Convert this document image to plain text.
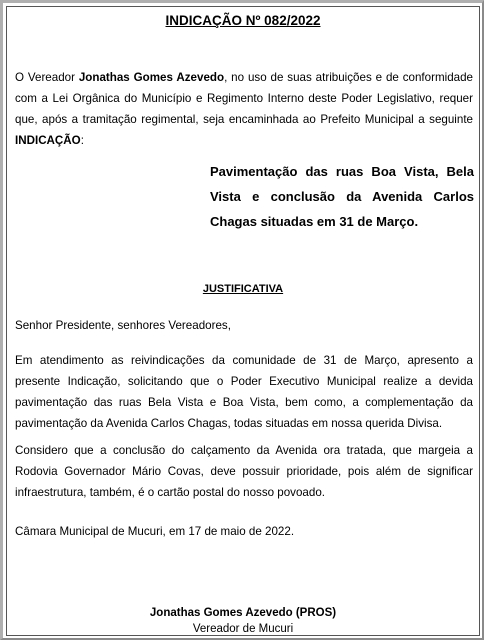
INDICAÇÃO Nº 082/2022

O Vereador Jonathas Gomes Azevedo, no uso de suas atribuições e de conformidade com a Lei Orgânica do Município e Regimento Interno deste Poder Legislativo, requer que, após a tramitação regimental, seja encaminhada ao Prefeito Municipal a seguinte INDICAÇÃO:

Pavimentação das ruas Boa Vista, Bela Vista e conclusão da Avenida Carlos Chagas situadas em 31 de Março.

JUSTIFICATIVA

Senhor Presidente, senhores Vereadores,

Em atendimento as reivindicações da comunidade de 31 de Março, apresento a presente Indicação, solicitando que o Poder Executivo Municipal realize a devida pavimentação das ruas Bela Vista e Boa Vista, bem como, a complementação da pavimentação da Avenida Carlos Chagas, todas situadas em nossa querida Divisa.

Considero que a conclusão do calçamento da Avenida ora tratada, que margeia a Rodovia Governador Mário Covas, deve possuir prioridade, pois além de significar infraestrutura, também, é o cartão postal do nosso povoado.

Câmara Municipal de Mucuri, em 17 de maio de 2022.

Jonathas Gomes Azevedo (PROS)
Vereador de Mucuri
